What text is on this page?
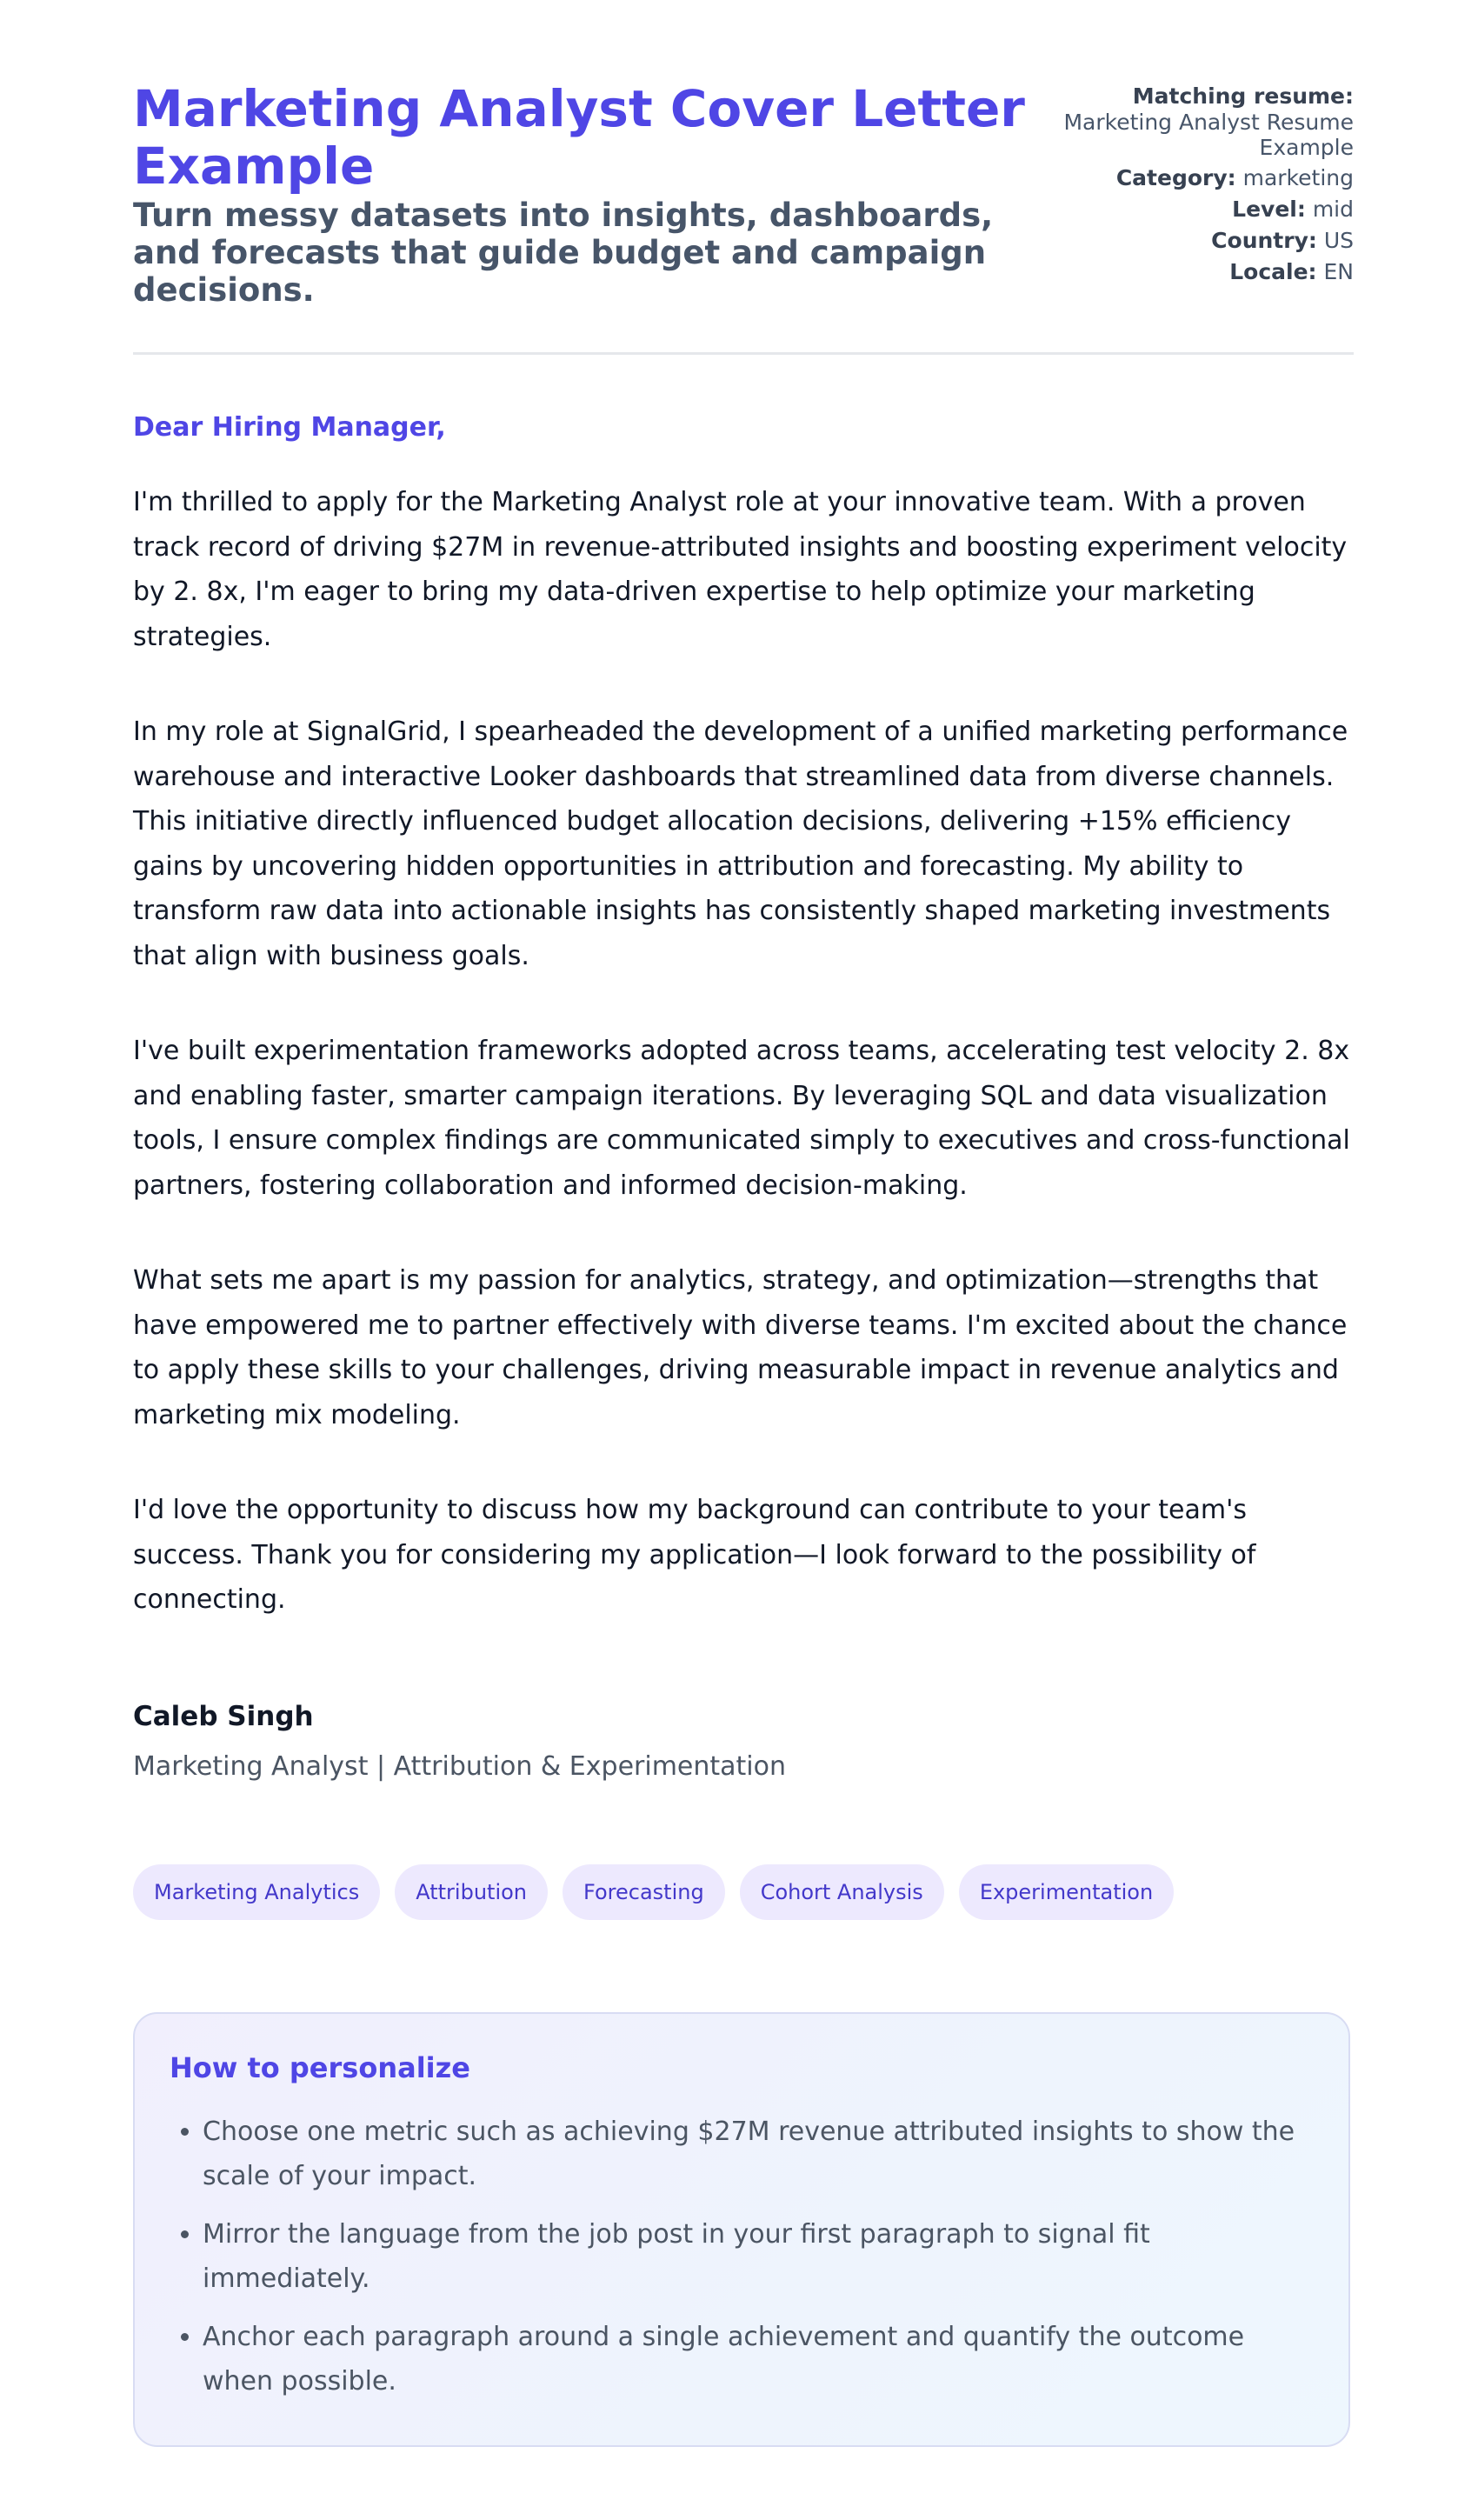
Marketing Analyst Cover Letter Example
Turn messy datasets into insights, dashboards, and forecasts that guide budget and campaign decisions.
Matching resume:
Marketing Analyst Resume Example
Category: marketing
Level: mid
Country: US
Locale: EN

Dear Hiring Manager,

I'm thrilled to apply for the Marketing Analyst role at your innovative team. With a proven track record of driving $27M in revenue-attributed insights and boosting experiment velocity by 2. 8x, I'm eager to bring my data-driven expertise to help optimize your marketing strategies.

In my role at SignalGrid, I spearheaded the development of a unified marketing performance warehouse and interactive Looker dashboards that streamlined data from diverse channels. This initiative directly influenced budget allocation decisions, delivering +15% efficiency gains by uncovering hidden opportunities in attribution and forecasting. My ability to transform raw data into actionable insights has consistently shaped marketing investments that align with business goals.

I've built experimentation frameworks adopted across teams, accelerating test velocity 2. 8x and enabling faster, smarter campaign iterations. By leveraging SQL and data visualization tools, I ensure complex findings are communicated simply to executives and cross-functional partners, fostering collaboration and informed decision-making.

What sets me apart is my passion for analytics, strategy, and optimization—strengths that have empowered me to partner effectively with diverse teams. I'm excited about the chance to apply these skills to your challenges, driving measurable impact in revenue analytics and marketing mix modeling.

I'd love the opportunity to discuss how my background can contribute to your team's success. Thank you for considering my application—I look forward to the possibility of connecting.

Caleb Singh

Marketing Analyst | Attribution & Experimentation

Marketing Analytics	Attribution	Forecasting	Cohort Analysis	Experimentation
How to personalize
• Choose one metric such as achieving $27M revenue attributed insights to show the scale of your impact.
• Mirror the language from the job post in your first paragraph to signal fit immediately.
• Anchor each paragraph around a single achievement and quantify the outcome when possible.
